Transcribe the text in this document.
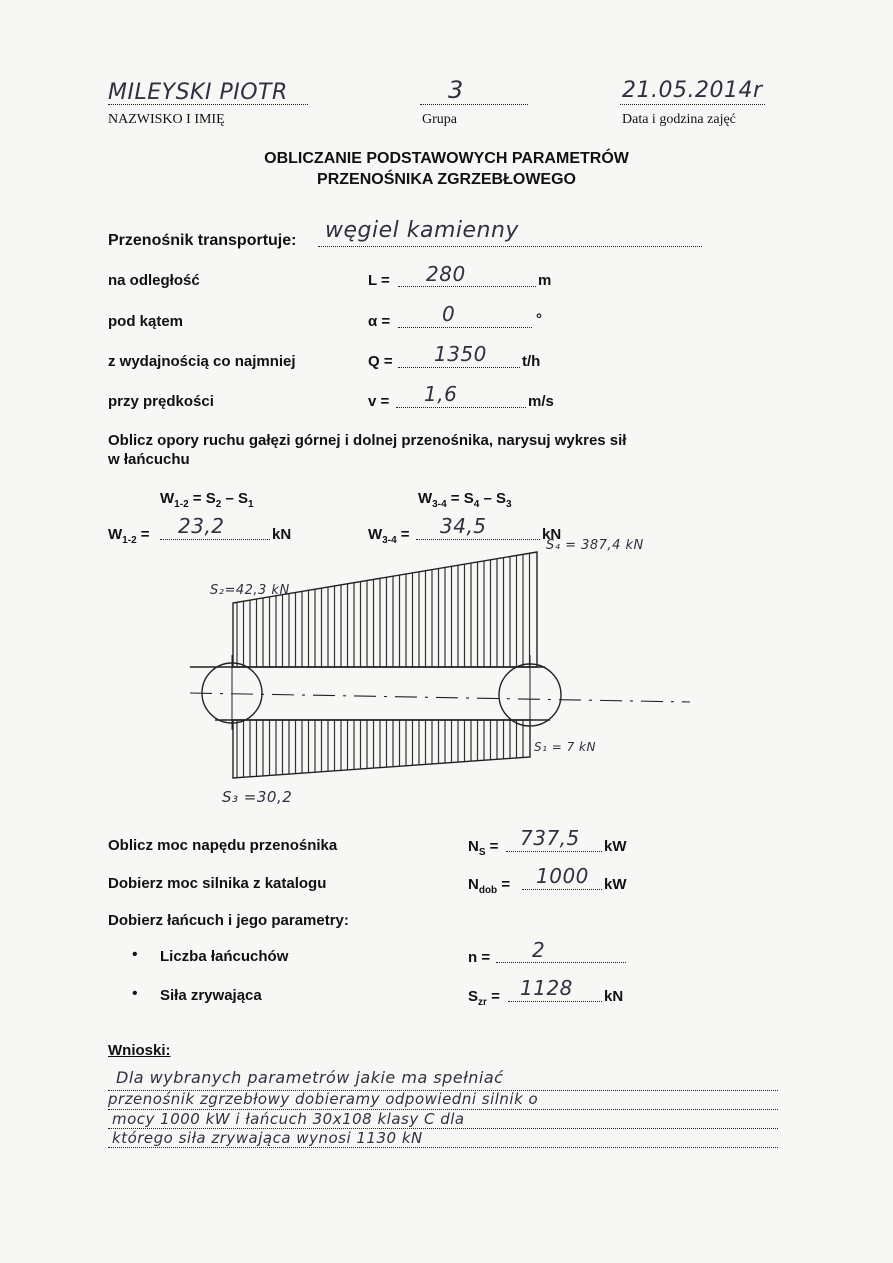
MILEYSKI PIOTR
NAZWISKO I IMIĘ
3
Grupa
21.05.2014r
Data i godzina zajęć
OBLICZANIE PODSTAWOWYCH PARAMETRÓW
PRZENOŚNIKA ZGRZEBŁOWEGO
Przenośnik transportuje: węgiel kamienny
na odległość	L = 280	m
pod kątem	α =	0	°
z wydajnością co najmniej	Q = 1350 t/h
przy prędkości	v = 1,6	m/s
Oblicz opory ruchu gałęzi górnej i dolnej przenośnika, narysuj wykres sił
w łańcuchu
$W_{1-2} = S_2 - S_1$	$W_{3-4} = S_4 - S_3$
$W_{1-2} = 23,2$	kN	$W_{3-4} = 34,5$	kN
S₂=42,3 kN
S₄ = 387,4 kN
S₁ = 7 kN
S₃ =30,2
Oblicz moc napędu przenośnika	$N_S = 737,5$ kW
Dobierz moc silnika z katalogu	$N_{dob} = 1000$ kW
Dobierz łańcuch i jego parametry:
• Liczba łańcuchów	n = 2
• Siła zrywająca	$S_{zr} = 1128$ kN
Wnioski:
Dla wybranych parametrów jakie ma spełniać
przenośnik zgrzebłowy dobieramy odpowiedni silnik o
mocy 1000 kW i łańcuch 30x108 klasy C dla
którego siła zrywająca wynosi 1130 kN
